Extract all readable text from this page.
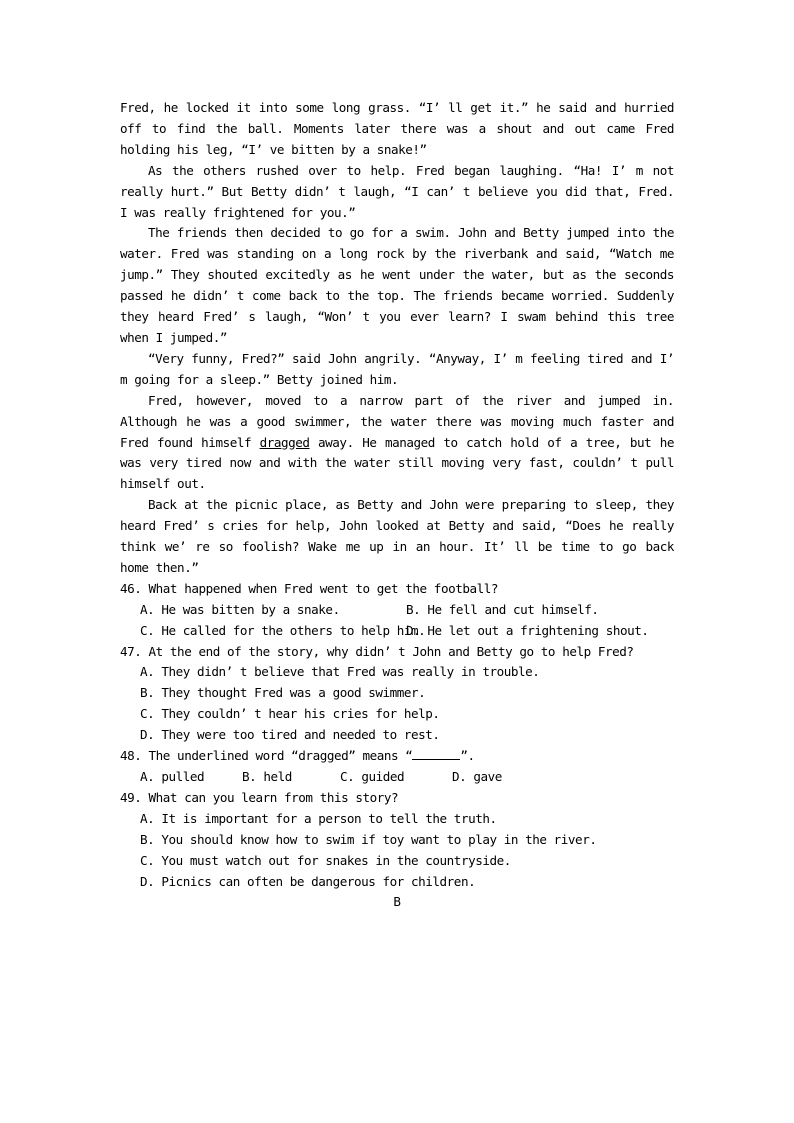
Fred, he locked it into some long grass. “I’ ll get it.” he said and hurried off to find the ball. Moments later there was a shout and out came Fred holding his leg, “I’ ve bitten by a snake!”

As the others rushed over to help. Fred began laughing. “Ha! I’ m not really hurt.” But Betty didn’ t laugh, “I can’ t believe you did that, Fred. I was really frightened for you.”

The friends then decided to go for a swim. John and Betty jumped into the water. Fred was standing on a long rock by the riverbank and said, “Watch me jump.” They shouted excitedly as he went under the water, but as the seconds passed he didn’ t come back to the top. The friends became worried. Suddenly they heard Fred’ s laugh, “Won’ t you ever learn? I swam behind this tree when I jumped.”

“Very funny, Fred?” said John angrily. “Anyway, I’ m feeling tired and I’ m going for a sleep.” Betty joined him.

Fred, however, moved to a narrow part of the river and jumped in. Although he was a good swimmer, the water there was moving much faster and Fred found himself dragged away. He managed to catch hold of a tree, but he was very tired now and with the water still moving very fast, couldn’ t pull himself out.

Back at the picnic place, as Betty and John were preparing to sleep, they heard Fred’ s cries for help, John looked at Betty and said, “Does he really think we’ re so foolish? Wake me up in an hour. It’ ll be time to go back home then.”

46. What happened when Fred went to get the football?

A. He was bitten by a snake.	B. He fell and cut himself.

C. He called for the others to help him.D. He let out a frightening shout.

47. At the end of the story, why didn’ t John and Betty go to help Fred?

A. They didn’ t believe that Fred was really in trouble.

B. They thought Fred was a good swimmer.

C. They couldn’ t hear his cries for help.

D. They were too tired and needed to rest.

48. The underlined word “dragged” means “	”.

A. pulled	B. held	C. guided	D. gave

49. What can you learn from this story?

A. It is important for a person to tell the truth.

B. You should know how to swim if toy want to play in the river.

C. You must watch out for snakes in the countryside.

D. Picnics can often be dangerous for children.

B
